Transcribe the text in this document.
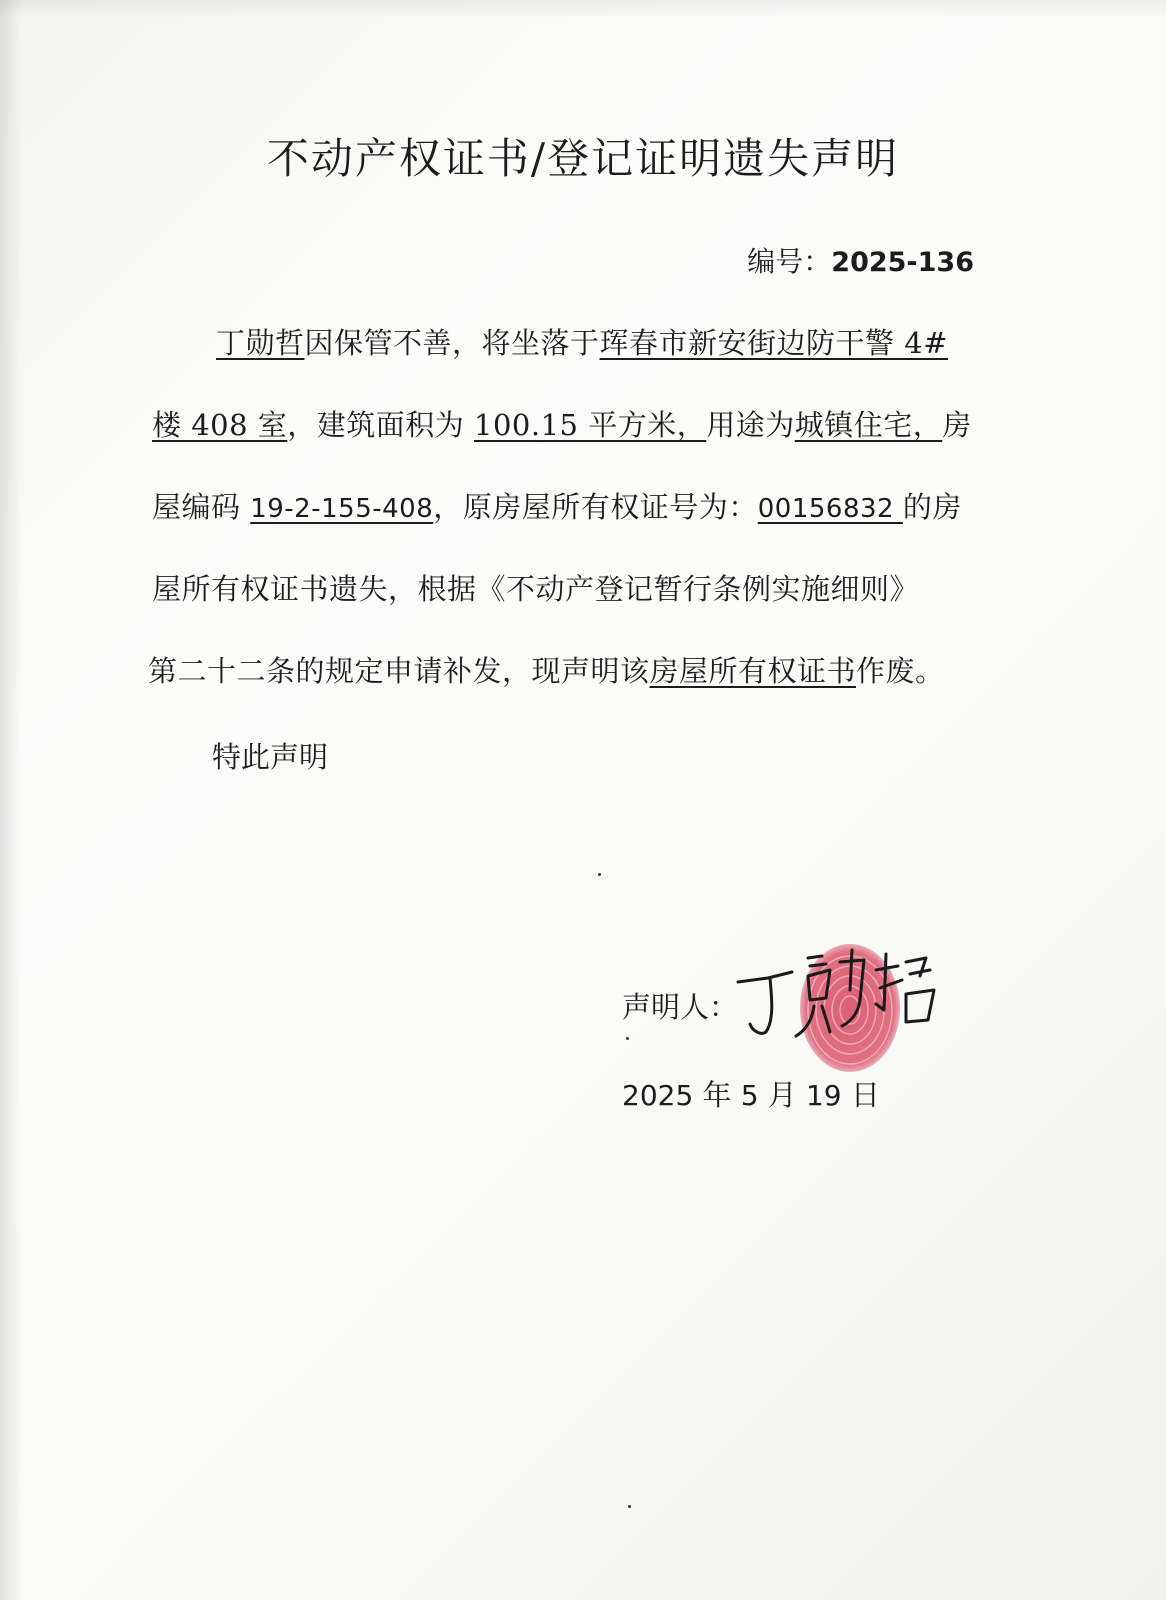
不动产权证书/登记证明遗失声明
编号：2025-136
丁勋哲因保管不善，将坐落于珲春市新安街边防干警 4#
楼 408 室，建筑面积为 100.15 平方米，用途为城镇住宅，房
屋编码 19-2-155-408，原房屋所有权证号为：00156832 的房
屋所有权证书遗失，根据《不动产登记暂行条例实施细则》
第二十二条的规定申请补发，现声明该房屋所有权证书作废。
特此声明
声明人：
2025 年 5 月 19 日
